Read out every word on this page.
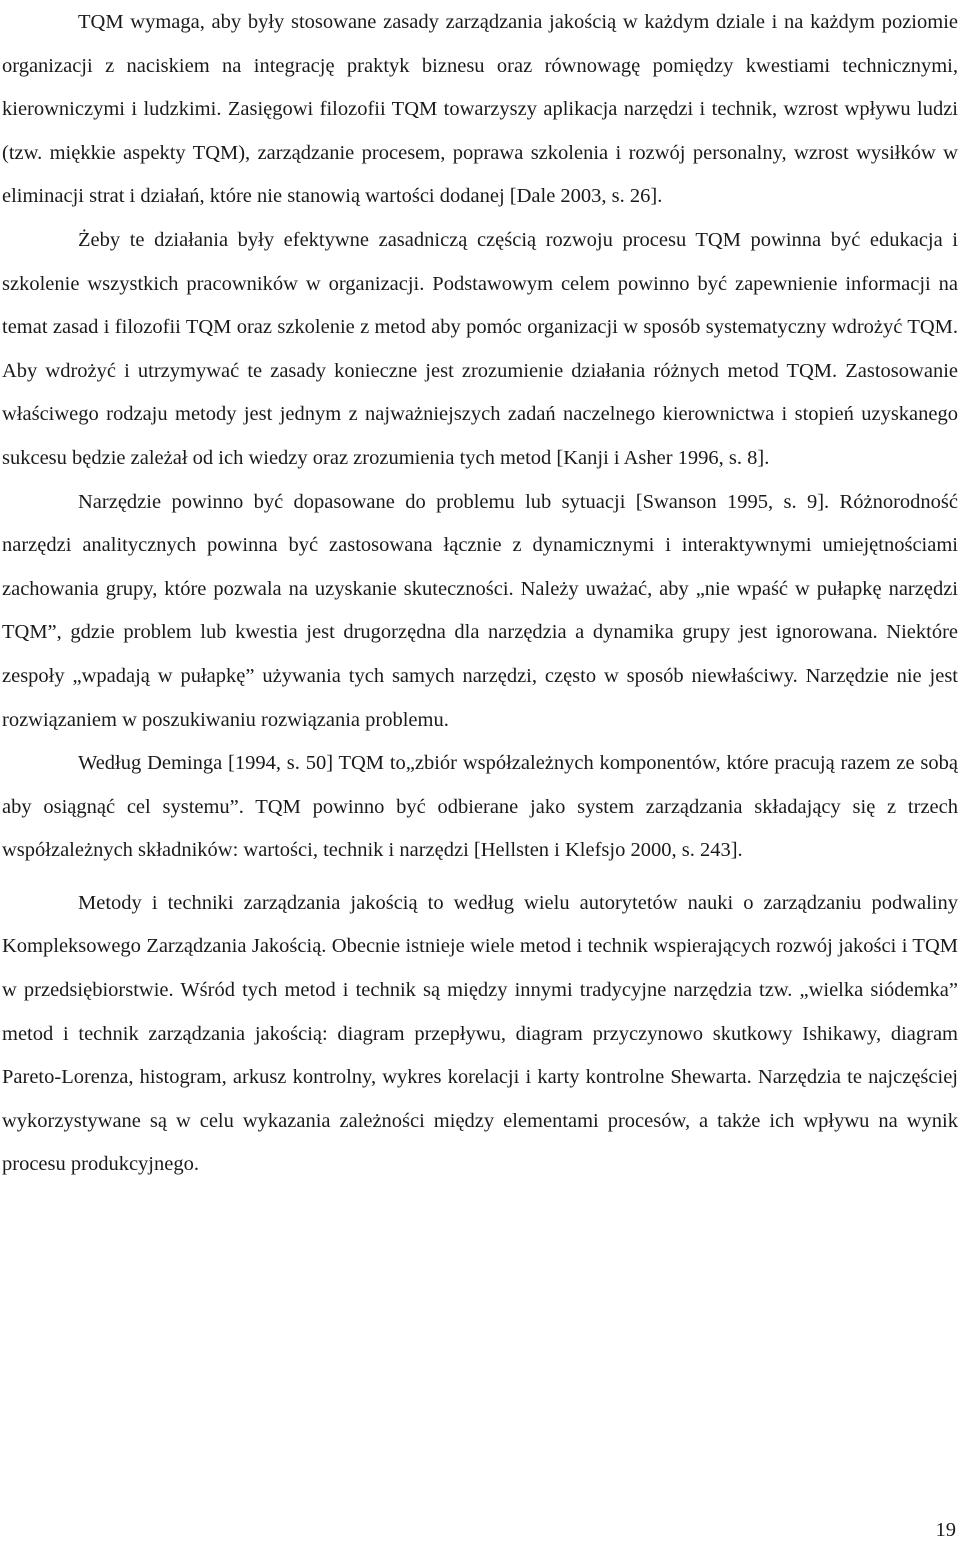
TQM wymaga, aby były stosowane zasady zarządzania jakością w każdym dziale i na każdym poziomie organizacji z naciskiem na integrację praktyk biznesu oraz równowagę pomiędzy kwestiami technicznymi, kierowniczymi i ludzkimi. Zasięgowi filozofii TQM towarzyszy aplikacja narzędzi i technik, wzrost wpływu ludzi (tzw. miękkie aspekty TQM), zarządzanie procesem, poprawa szkolenia i rozwój personalny, wzrost wysiłków w eliminacji strat i działań, które nie stanowią wartości dodanej [Dale 2003, s. 26].

Żeby te działania były efektywne zasadniczą częścią rozwoju procesu TQM powinna być edukacja i szkolenie wszystkich pracowników w organizacji. Podstawowym celem powinno być zapewnienie informacji na temat zasad i filozofii TQM oraz szkolenie z metod aby pomóc organizacji w sposób systematyczny wdrożyć TQM. Aby wdrożyć i utrzymywać te zasady konieczne jest zrozumienie działania różnych metod TQM. Zastosowanie właściwego rodzaju metody jest jednym z najważniejszych zadań naczelnego kierownictwa i stopień uzyskanego sukcesu będzie zależał od ich wiedzy oraz zrozumienia tych metod [Kanji i Asher 1996, s. 8].

Narzędzie powinno być dopasowane do problemu lub sytuacji [Swanson 1995, s. 9]. Różnorodność narzędzi analitycznych powinna być zastosowana łącznie z dynamicznymi i interaktywnymi umiejętnościami zachowania grupy, które pozwala na uzyskanie skuteczności. Należy uważać, aby „nie wpaść w pułapkę narzędzi TQM”, gdzie problem lub kwestia jest drugorzędna dla narzędzia a dynamika grupy jest ignorowana. Niektóre zespoły „wpadają w pułapkę” używania tych samych narzędzi, często w sposób niewłaściwy. Narzędzie nie jest rozwiązaniem w poszukiwaniu rozwiązania problemu.

Według Deminga [1994, s. 50] TQM to„zbiór współzależnych komponentów, które pracują razem ze sobą aby osiągnąć cel systemu”. TQM powinno być odbierane jako system zarządzania składający się z trzech współzależnych składników: wartości, technik i narzędzi [Hellsten i Klefsjo 2000, s. 243].

Metody i techniki zarządzania jakością to według wielu autorytetów nauki o zarządzaniu podwaliny Kompleksowego Zarządzania Jakością. Obecnie istnieje wiele metod i technik wspierających rozwój jakości i TQM w przedsiębiorstwie. Wśród tych metod i technik są między innymi tradycyjne narzędzia tzw. „wielka siódemka” metod i technik zarządzania jakością: diagram przepływu, diagram przyczynowo skutkowy Ishikawy, diagram Pareto-Lorenza, histogram, arkusz kontrolny, wykres korelacji i karty kontrolne Shewarta. Narzędzia te najczęściej wykorzystywane są w celu wykazania zależności między elementami procesów, a także ich wpływu na wynik procesu produkcyjnego.

19
